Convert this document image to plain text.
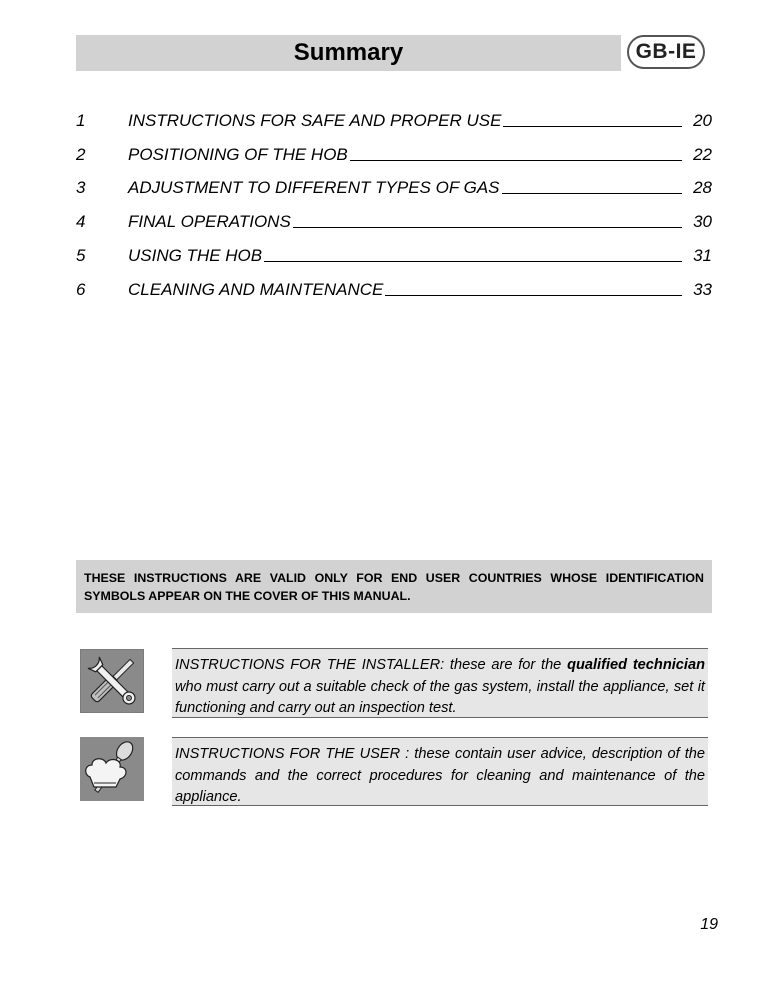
Summary	GB-IE
1	INSTRUCTIONS FOR SAFE AND PROPER USE	20
2	POSITIONING OF THE HOB	22
3	ADJUSTMENT TO DIFFERENT TYPES OF GAS	28
4	FINAL OPERATIONS	30
5	USING THE HOB	31
6	CLEANING AND MAINTENANCE	33
THESE INSTRUCTIONS ARE VALID ONLY FOR END USER COUNTRIES WHOSE IDENTIFICATION SYMBOLS APPEAR ON THE COVER OF THIS MANUAL.
INSTRUCTIONS FOR THE INSTALLER: these are for the qualified technician who must carry out a suitable check of the gas system, install the appliance, set it functioning and carry out an inspection test.
INSTRUCTIONS FOR THE USER : these contain user advice, description of the commands and the correct procedures for cleaning and maintenance of the appliance.
19
